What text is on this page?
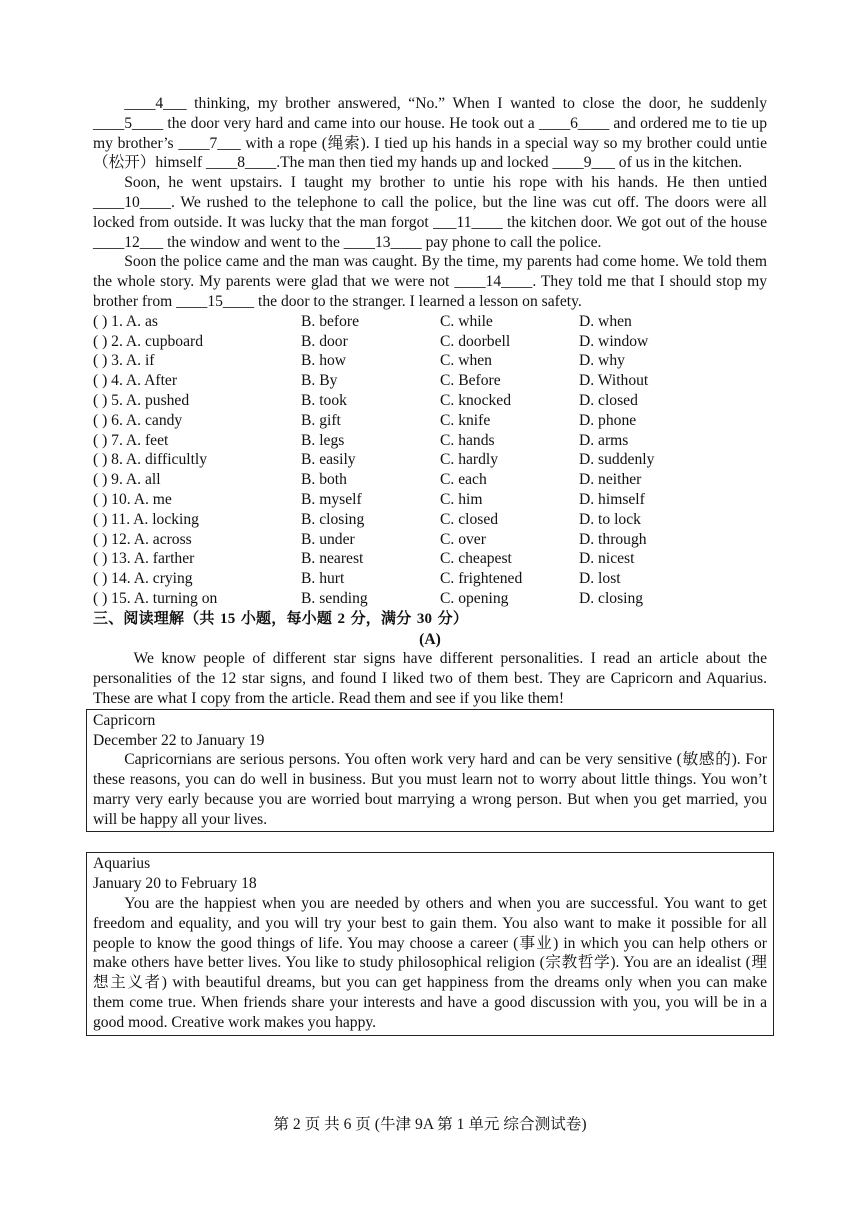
____4___ thinking, my brother answered, “No.” When I wanted to close the door, he suddenly ____5____ the door very hard and came into our house. He took out a ____6____ and ordered me to tie up my brother’s ____7___ with a rope (绳索). I tied up his hands in a special way so my brother could untie（松开）himself ____8____.The man then tied my hands up and locked ____9___ of us in the kitchen.

Soon, he went upstairs. I taught my brother to untie his rope with his hands. He then untied ____10____. We rushed to the telephone to call the police, but the line was cut off. The doors were all locked from outside. It was lucky that the man forgot ___11____ the kitchen door. We got out of the house ____12___ the window and went to the ____13____ pay phone to call the police.

Soon the police came and the man was caught. By the time, my parents had come home. We told them the whole story. My parents were glad that we were not ____14____. They told me that I should stop my brother from ____15____ the door to the stranger. I learned a lesson on safety.

( ) 1. A. as	B. before	C. while	D. when
( ) 2. A. cupboard	B. door	C. doorbell	D. window
( ) 3. A. if	B. how	C. when	D. why
( ) 4. A. After	B. By	C. Before	D. Without
( ) 5. A. pushed	B. took	C. knocked	D. closed
( ) 6. A. candy	B. gift	C. knife	D. phone
( ) 7. A. feet	B. legs	C. hands	D. arms
( ) 8. A. difficultly	B. easily	C. hardly	D. suddenly
( ) 9. A. all	B. both	C. each	D. neither
( ) 10. A. me	B. myself	C. him	D. himself
( ) 11. A. locking	B. closing	C. closed	D. to lock
( ) 12. A. across	B. under	C. over	D. through
( ) 13. A. farther	B. nearest	C. cheapest	D. nicest
( ) 14. A. crying	B. hurt	C. frightened	D. lost
( ) 15. A. turning on	B. sending	C. opening	D. closing

三、阅读理解（共 15 小题，每小题 2 分，满分 30 分）

(A)

We know people of different star signs have different personalities. I read an article about the personalities of the 12 star signs, and found I liked two of them best. They are Capricorn and Aquarius. These are what I copy from the article. Read them and see if you like them!

Capricorn

December 22 to January 19

Capricornians are serious persons. You often work very hard and can be very sensitive (敏感的). For these reasons, you can do well in business. But you must learn not to worry about little things. You won’t marry very early because you are worried bout marrying a wrong person. But when you get married, you will be happy all your lives.

Aquarius

January 20 to February 18

You are the happiest when you are needed by others and when you are successful. You want to get freedom and equality, and you will try your best to gain them. You also want to make it possible for all people to know the good things of life. You may choose a career (事业) in which you can help others or make others have better lives. You like to study philosophical religion (宗教哲学). You are an idealist (理想主义者) with beautiful dreams, but you can get happiness from the dreams only when you can make them come true. When friends share your interests and have a good discussion with you, you will be in a good mood. Creative work makes you happy.

第 2 页 共 6 页 (牛津 9A 第 1 单元 综合测试卷)
